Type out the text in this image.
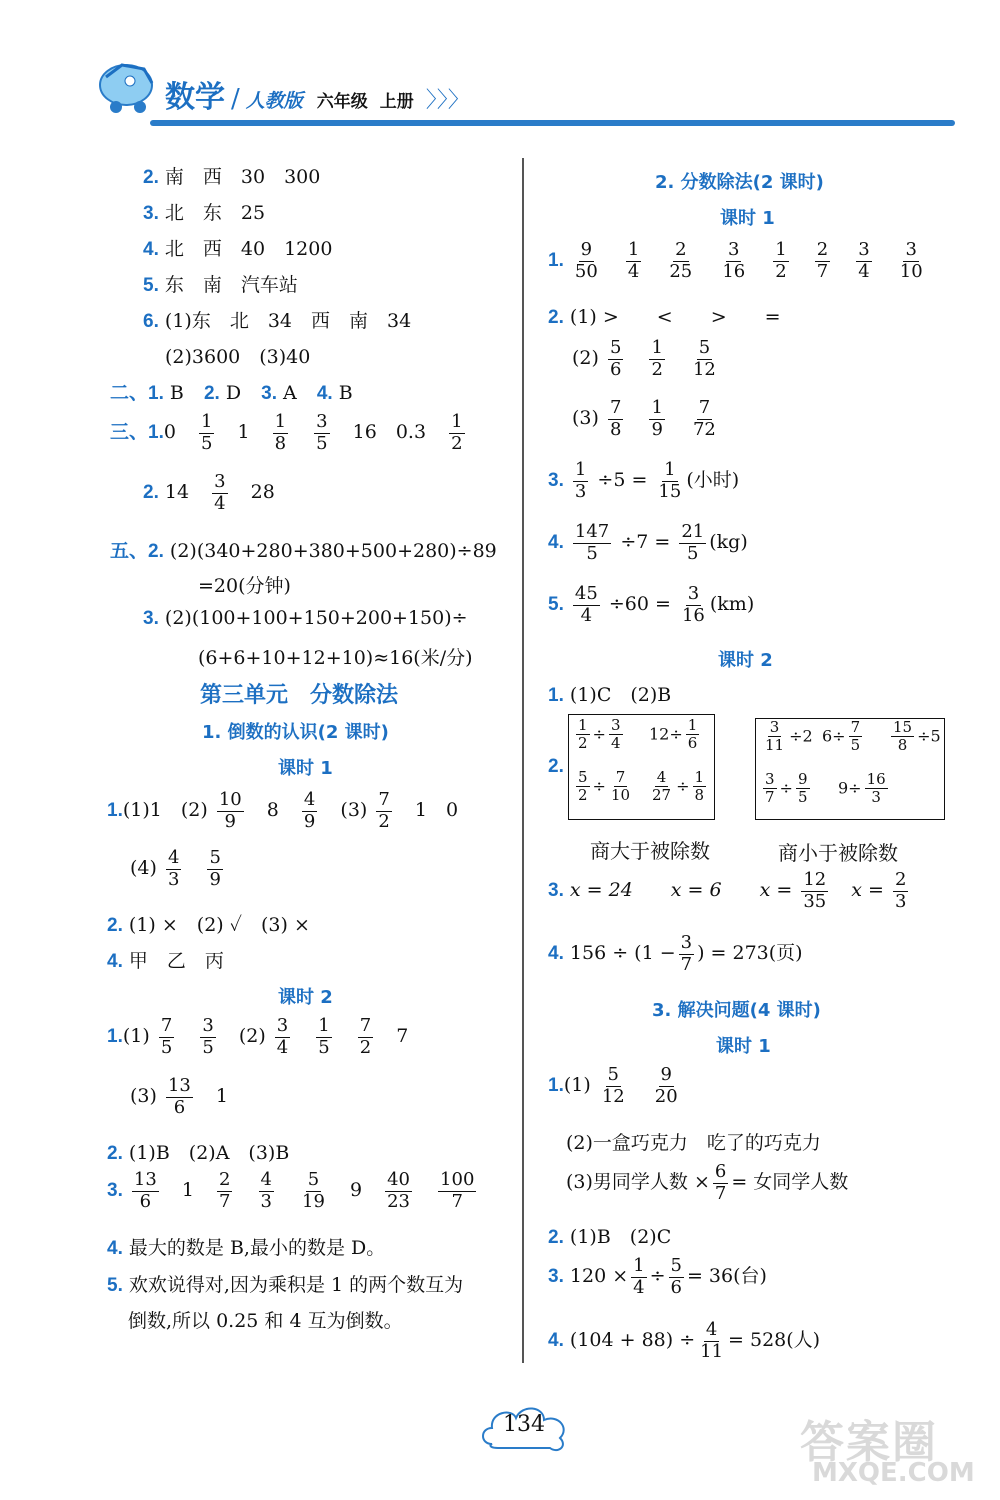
数学 / 人教版 六年级 上册 〉〉〉
2. 南　西　30　300
3. 北　东　25
4. 北　西　40　1200
5. 东　南　汽车站
6. (1)东　北　34　西　南　34
(2)3600　(3)40
二、1. B 2. D 3. A 4. B
三、$1.0 \frac{1}{5} 1 \frac{1}{8}$
$\frac{3}{5} 16$　$0.3 \frac{1}{2}$
2. $14 \frac{3}{4} 28$
五、2. (2)(340+280+380+500+280)÷89
=20(分钟)
3. (2)(100+100+150+200+150)÷
(6+6+10+12+10)≈16(米/分)
第三单元　分数除法
1. 倒数的认识(2 课时)
课时 1
1.(1)1　$(2) \frac{10}{9} 8 \frac{4}{9} (3) \frac{7}{2} 1$　0
$(4) \frac{4}{3}$
$\frac{5}{9}$
2. (1) ×　(2) ✓　(3) ×
4. 甲　乙　丙
课时 2
$1.(1) \frac{7}{5}$
$\frac{3}{5} (2) \frac{3}{4}$
$\frac{1}{5}$
$\frac{7}{2} 7$
$(3) \frac{13}{6} 1$
2. (1)B　(2)A　(3)B
3. $\frac{13}{6} 1 \frac{2}{7}$
$\frac{4}{3}$
$\frac{5}{19} 9 \frac{40}{23}$
$\frac{100}{7}$
4. 最大的数是 B,最小的数是 D。
5. 欢欢说得对,因为乘积是 1 的两个数互为
倒数,所以 0.25 和 4 互为倒数。
2. 分数除法(2 课时)
课时 1
1. $\frac{9}{50}$
$\frac{1}{4}$
$\frac{2}{25}$
$\frac{3}{16}$
$\frac{1}{2}$
$\frac{2}{7}$
$\frac{3}{4}$
$\frac{3}{10}$
2. (1) >　　<　　>　　=
$(2) \frac{5}{6}$
$\frac{1}{2}$
$\frac{5}{12}$
$(3) \frac{7}{8}$
$\frac{1}{9}$
$\frac{7}{72}$
3. $\frac{1}{3} \div 5 = \frac{1}{15}$ (小时)
4. $\frac{147}{5} \div 7 = \frac{21}{5} (kg)$
5. $\frac{45}{4} \div 60 = \frac{3}{16} (km)$
课时 2
1. (1)C　(2)B
2.
$\frac{1}{2} \div \frac{3}{4} 12\div \frac{1}{6}$
$\frac{5}{2} \div \frac{7}{10} \frac{4}{27} \div \frac{1}{8}$
$\frac{3}{11} \div 2$ $6\div \frac{7}{5} \frac{15}{8} \div 5$
$\frac{3}{7} \div \frac{9}{5} 9\div \frac{16}{3}$
商大于被除数	商小于被除数
3. x = 24　　x = 6　　$x = \frac{12}{35}$ $x = \frac{2}{3}$
4. $156 \div (1 - \frac{3}{7}$ ) = 273(页)
3. 解决问题(4 课时)
课时 1
$1.(1) \frac{5}{12}$
$\frac{9}{20}$
(2)一盒巧克力　吃了的巧克力
(3)男同学人数 × $\frac{6}{7}$ = 女同学人数
2. (1)B　(2)C
3. $120 \times \frac{1}{4} \div \frac{5}{6} = 36$(台)
4. $(104 + 88) \div \frac{4}{11} = 528$(人)
134	答案圈
MXQE.COM
